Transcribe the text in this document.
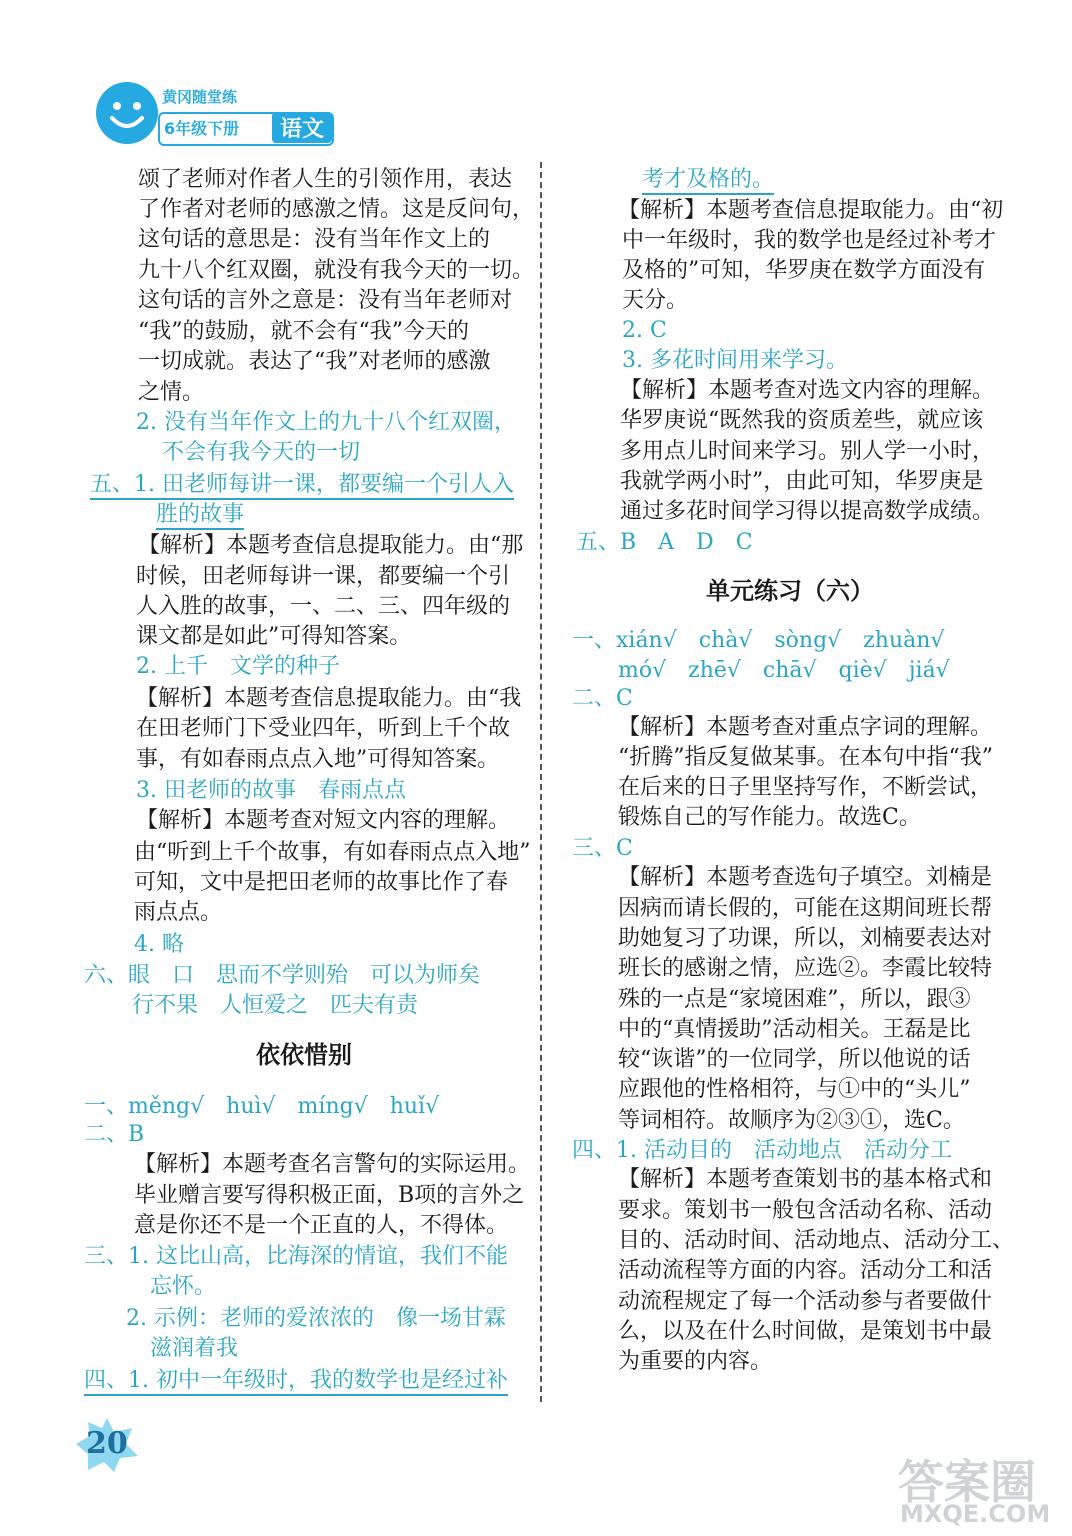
黄冈随堂练
6年级下册	语文
颂了老师对作者人生的引领作用，表达
了作者对老师的感激之情。这是反问句，
这句话的意思是：没有当年作文上的
九十八个红双圈，就没有我今天的一切。
这句话的言外之意是：没有当年老师对
“我”的鼓励，就不会有“我”今天的
一切成就。表达了“我”对老师的感激
之情。
2. 没有当年作文上的九十八个红双圈，
不会有我今天的一切
五、1. 田老师每讲一课，都要编一个引人入
胜的故事
【解析】本题考查信息提取能力。由“那
时候，田老师每讲一课，都要编一个引
人入胜的故事，一、二、三、四年级的
课文都是如此”可得知答案。
2. 上千　文学的种子
【解析】本题考查信息提取能力。由“我
在田老师门下受业四年，听到上千个故
事，有如春雨点点入地”可得知答案。
3. 田老师的故事　春雨点点
【解析】本题考查对短文内容的理解。
由“听到上千个故事，有如春雨点点入地”
可知，文中是把田老师的故事比作了春
雨点点。
4. 略
六、眼　口　思而不学则殆　可以为师矣
行不果　人恒爱之　匹夫有责
依依惜别
一、měng√　huì√　míng√　huǐ√
二、B
【解析】本题考查名言警句的实际运用。
毕业赠言要写得积极正面，B项的言外之
意是你还不是一个正直的人，不得体。
三、1. 这比山高，比海深的情谊，我们不能
忘怀。
2. 示例：老师的爱浓浓的　像一场甘霖
滋润着我
四、1. 初中一年级时，我的数学也是经过补
考才及格的。
【解析】本题考查信息提取能力。由“初
中一年级时，我的数学也是经过补考才
及格的”可知，华罗庚在数学方面没有
天分。
2. C
3. 多花时间用来学习。
【解析】本题考查对选文内容的理解。
华罗庚说“既然我的资质差些，就应该
多用点儿时间来学习。别人学一小时，
我就学两小时”，由此可知，华罗庚是
通过多花时间学习得以提高数学成绩。
五、B　A　D　C
单元练习（六）
一、xián√　chà√　sòng√　zhuàn√
mó√　zhē√　chā√　qiè√　jiá√
二、C
【解析】本题考查对重点字词的理解。
“折腾”指反复做某事。在本句中指“我”
在后来的日子里坚持写作，不断尝试，
锻炼自己的写作能力。故选C。
三、C
【解析】本题考查选句子填空。刘楠是
因病而请长假的，可能在这期间班长帮
助她复习了功课，所以，刘楠要表达对
班长的感谢之情，应选②。李霞比较特
殊的一点是“家境困难”，所以，跟③
中的“真情援助”活动相关。王磊是比
较“诙谐”的一位同学，所以他说的话
应跟他的性格相符，与①中的“头儿”
等词相符。故顺序为②③①，选C。
四、1. 活动目的　活动地点　活动分工
【解析】本题考查策划书的基本格式和
要求。策划书一般包含活动名称、活动
目的、活动时间、活动地点、活动分工、
活动流程等方面的内容。活动分工和活
动流程规定了每一个活动参与者要做什
么，以及在什么时间做，是策划书中最
为重要的内容。
20
答案圈
MXQE.COM
